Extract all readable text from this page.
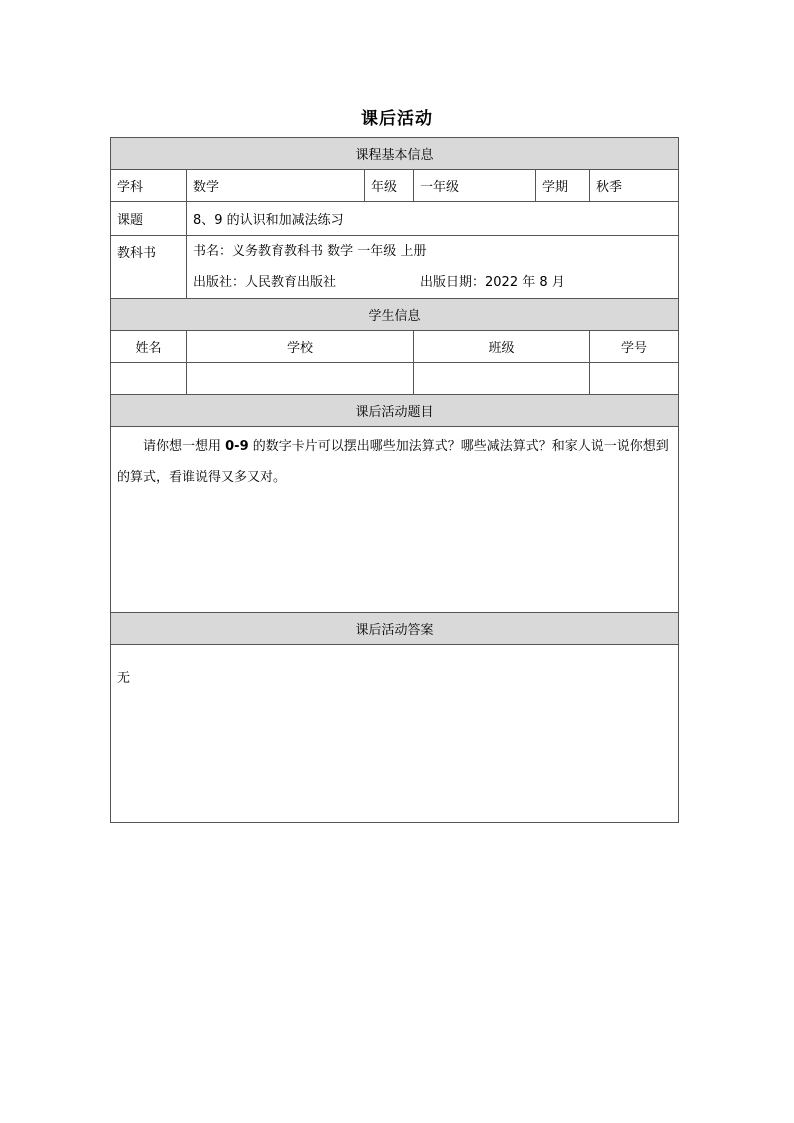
课后活动
课程基本信息					
学科	数学	年级	一年级	学期	秋季
课题	8、9 的认识和加减法练习				
教科书	书名：义务教育教科书 数学 一年级 上册
出版社：人民教育出版社 出版日期：2022 年 8 月				

学生信息					
姓名	学校		班级		学号

课后活动题目					

请你想一想用 0-9 的数字卡片可以摆出哪些加法算式？哪些减法算式？和家人说一说你想到的算式，看谁说得又多又对。					

课后活动答案					
无					
